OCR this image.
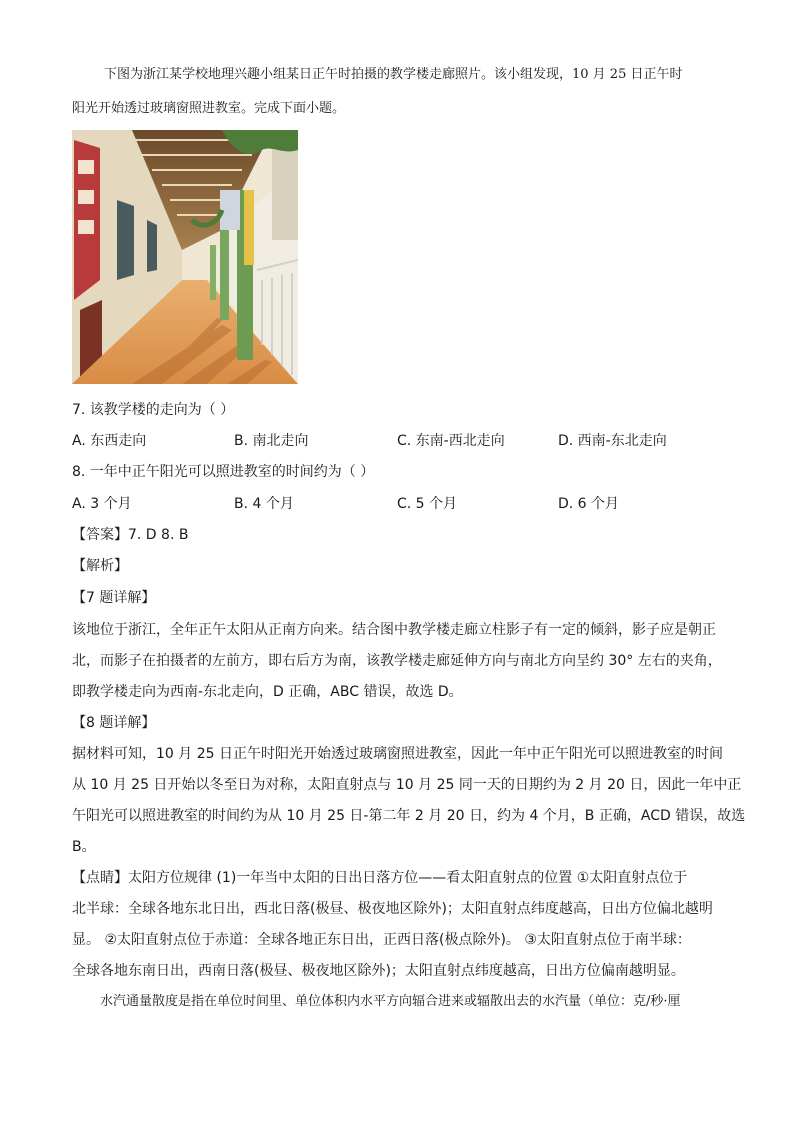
下图为浙江某学校地理兴趣小组某日正午时拍摄的教学楼走廊照片。该小组发现，10 月 25 日正午时
阳光开始透过玻璃窗照进教室。完成下面小题。
7. 该教学楼的走向为（ ）
A. 东西走向	B. 南北走向	C. 东南-西北走向	D. 西南-东北走向
8. 一年中正午阳光可以照进教室的时间约为（ ）
A. 3 个月	B. 4 个月	C. 5 个月	D. 6 个月
【答案】7. D 8. B
【解析】
【7 题详解】
该地位于浙江，全年正午太阳从正南方向来。结合图中教学楼走廊立柱影子有一定的倾斜，影子应是朝正
北，而影子在拍摄者的左前方，即右后方为南，该教学楼走廊延伸方向与南北方向呈约 30° 左右的夹角，
即教学楼走向为西南-东北走向，D 正确，ABC 错误，故选 D。
【8 题详解】
据材料可知，10 月 25 日正午时阳光开始透过玻璃窗照进教室，因此一年中正午阳光可以照进教室的时间
从 10 月 25 日开始以冬至日为对称，太阳直射点与 10 月 25 同一天的日期约为 2 月 20 日，因此一年中正
午阳光可以照进教室的时间约为从 10 月 25 日-第二年 2 月 20 日，约为 4 个月，B 正确，ACD 错误，故选
B。
【点睛】太阳方位规律 (1)一年当中太阳的日出日落方位——看太阳直射点的位置 ①太阳直射点位于
北半球：全球各地东北日出，西北日落(极昼、极夜地区除外)；太阳直射点纬度越高，日出方位偏北越明
显。 ②太阳直射点位于赤道：全球各地正东日出，正西日落(极点除外)。 ③太阳直射点位于南半球：
全球各地东南日出，西南日落(极昼、极夜地区除外)；太阳直射点纬度越高，日出方位偏南越明显。
水汽通量散度是指在单位时间里、单位体积内水平方向辐合进来或辐散出去的水汽量（单位：克/秒·厘
